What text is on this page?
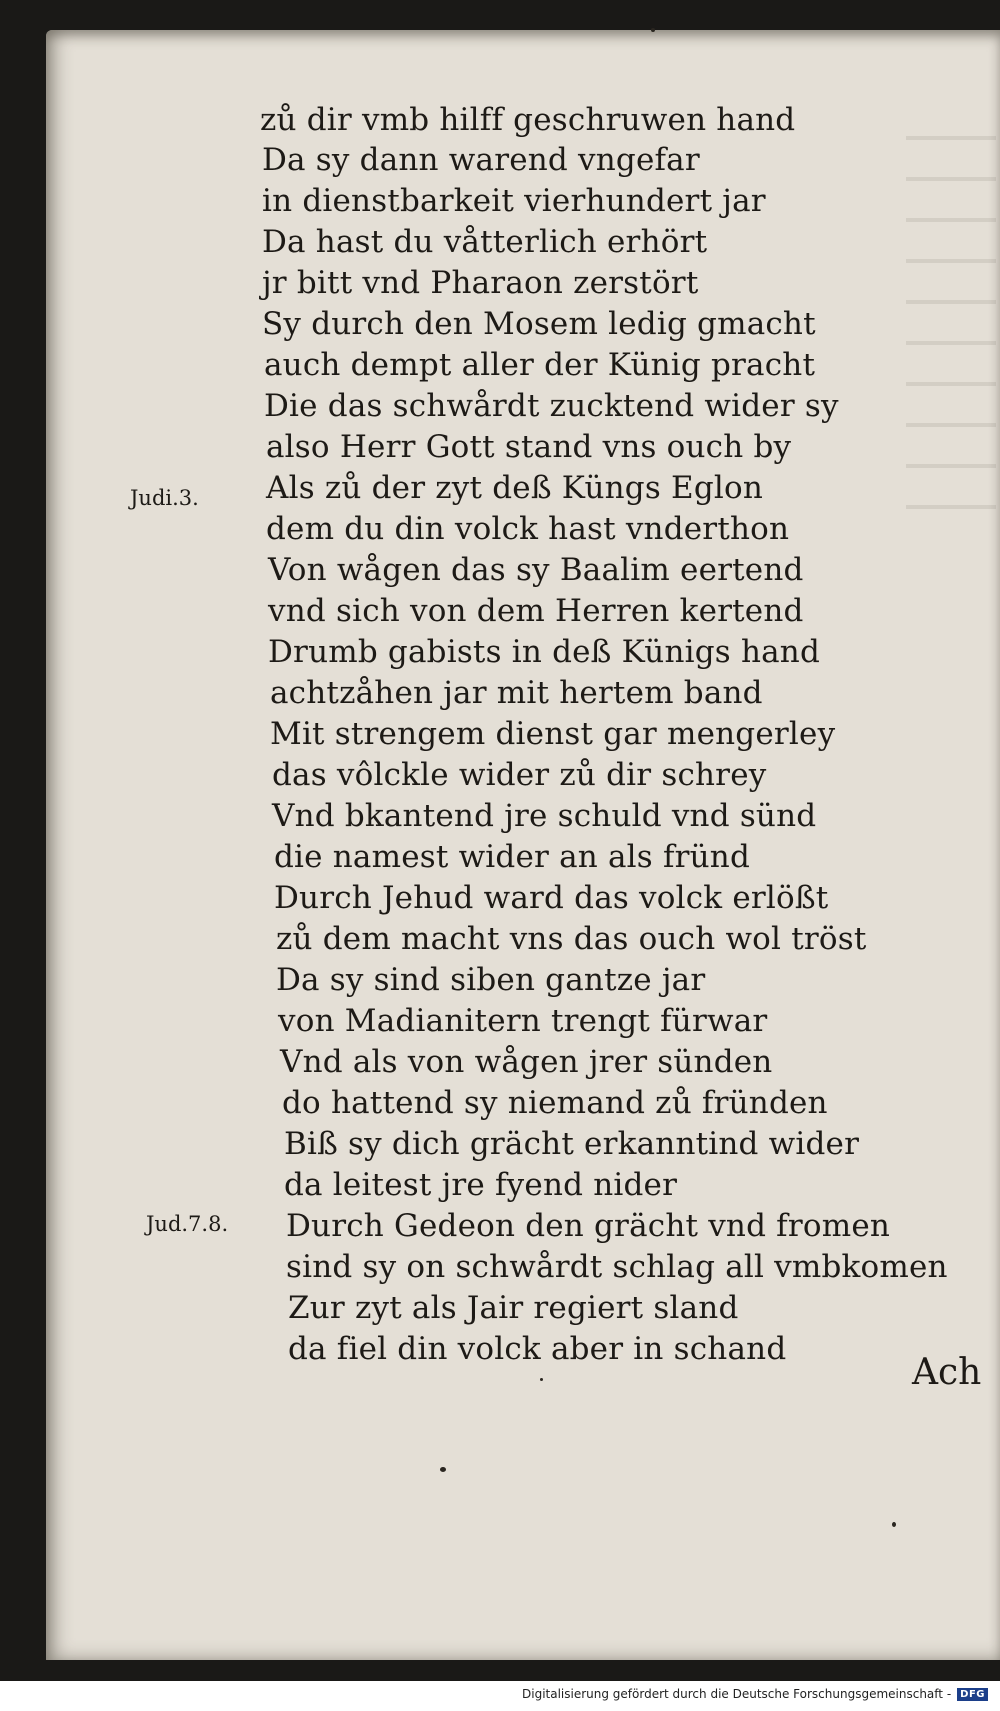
zů dir vmb hilff geschruwen hand
Da sy dann warend vngefar
in dienstbarkeit vierhundert jar
Da hast du våtterlich erhört
jr bitt vnd Pharaon zerstört
Sy durch den Mosem ledig gmacht
auch dempt aller der Künig pracht
Die das schwårdt zucktend wider sy
also Herr Gott stand vns ouch by
Als zů der zyt deß Küngs Eglon
dem du din volck hast vnderthon
Von wågen das sy Baalim eertend
vnd sich von dem Herren kertend
Drumb gabists in deß Künigs hand
achtzåhen jar mit hertem band
Mit strengem dienst gar mengerley
das vôlckle wider zů dir schrey
Vnd bkantend jre schuld vnd sünd
die namest wider an als fründ
Durch Jehud ward das volck erlößt
zů dem macht vns das ouch wol tröst
Da sy sind siben gantze jar
von Madianitern trengt fürwar
Vnd als von wågen jrer sünden
do hattend sy niemand zů fründen
Biß sy dich grächt erkanntind wider
da leitest jre fyend nider
Durch Gedeon den grächt vnd fromen
sind sy on schwårdt schlag all vmbkomen
Zur zyt als Jair regiert sland
da fiel din volck aber in schand
Judi.3.
Jud.7.8.
Ach
Digitalisierung gefördert durch die Deutsche Forschungsgemeinschaft - DFG
